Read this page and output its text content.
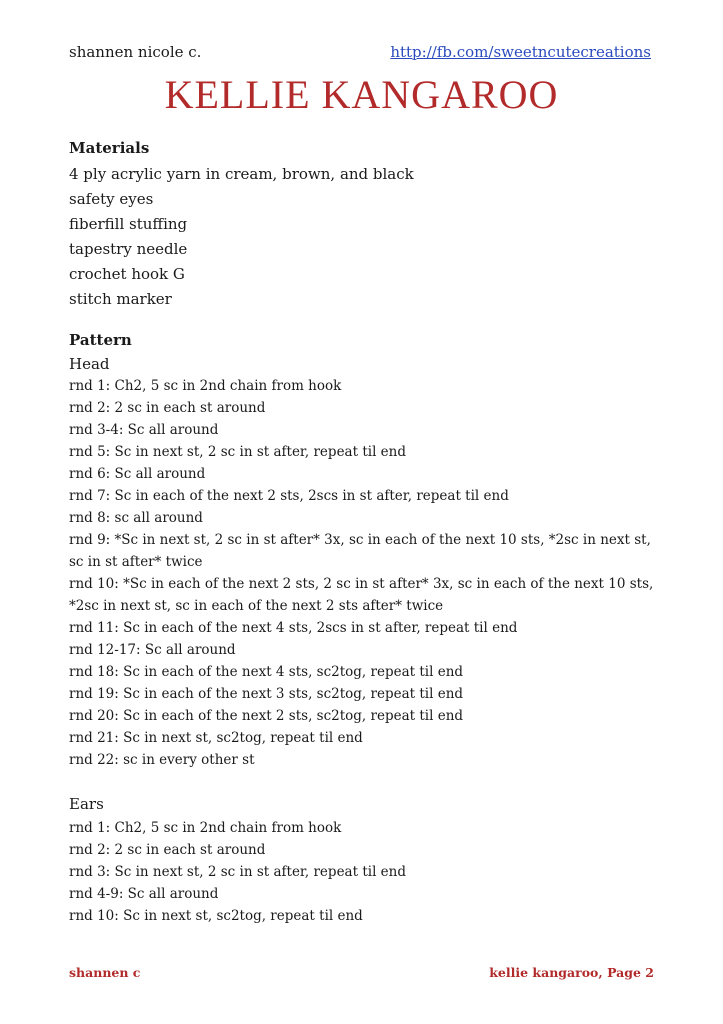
shannen nicole c.	http://fb.com/sweetncutecreations
KELLIE KANGAROO
Materials
4 ply acrylic yarn in cream, brown, and black
safety eyes
fiberfill stuffing
tapestry needle
crochet hook G
stitch marker
Pattern
Head
rnd 1: Ch2, 5 sc in 2nd chain from hook
rnd 2: 2 sc in each st around
rnd 3-4: Sc all around
rnd 5: Sc in next st, 2 sc in st after, repeat til end
rnd 6: Sc all around
rnd 7: Sc in each of the next 2 sts, 2scs in st after, repeat til end
rnd 8: sc all around
rnd 9: *Sc in next st, 2 sc in st after* 3x, sc in each of the next 10 sts, *2sc in next st, sc in st after* twice
rnd 10: *Sc in each of the next 2 sts, 2 sc in st after* 3x, sc in each of the next 10 sts, *2sc in next st, sc in each of the next 2 sts after* twice
rnd 11: Sc in each of the next 4 sts, 2scs in st after, repeat til end
rnd 12-17: Sc all around
rnd 18: Sc in each of the next 4 sts, sc2tog, repeat til end
rnd 19: Sc in each of the next 3 sts, sc2tog, repeat til end
rnd 20: Sc in each of the next 2 sts, sc2tog, repeat til end
rnd 21: Sc in next st, sc2tog, repeat til end
rnd 22: sc in every other st
Ears
rnd 1: Ch2, 5 sc in 2nd chain from hook
rnd 2: 2 sc in each st around
rnd 3: Sc in next st, 2 sc in st after, repeat til end
rnd 4-9: Sc all around
rnd 10: Sc in next st, sc2tog, repeat til end
shannen c	kellie kangaroo, Page 2
